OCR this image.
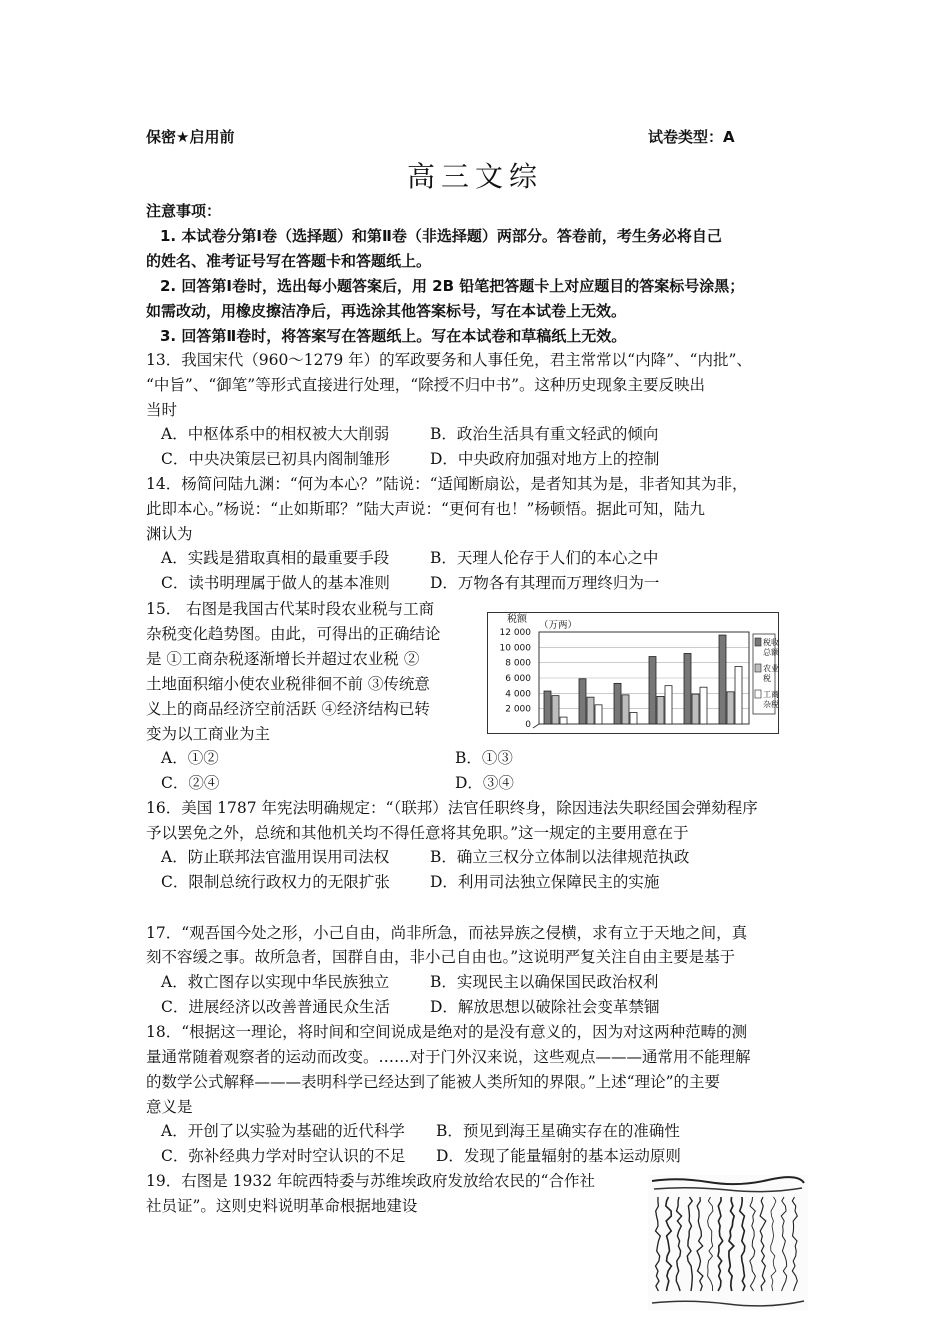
保密★启用前	试卷类型：A
高三文综
注意事项：
1. 本试卷分第Ⅰ卷（选择题）和第Ⅱ卷（非选择题）两部分。答卷前，考生务必将自己
的姓名、准考证号写在答题卡和答题纸上。
2. 回答第Ⅰ卷时，选出每小题答案后，用 2B 铅笔把答题卡上对应题目的答案标号涂黑；
如需改动，用橡皮擦洁净后，再选涂其他答案标号，写在本试卷上无效。
3. 回答第Ⅱ卷时，将答案写在答题纸上。写在本试卷和草稿纸上无效。
13．我国宋代（960～1279 年）的军政要务和人事任免，君主常常以“内降”、“内批”、
“中旨”、“御笔”等形式直接进行处理，“除授不归中书”。这种历史现象主要反映出
当时
A．中枢体系中的相权被大大削弱	B．政治生活具有重文轻武的倾向
C．中央决策层已初具内阁制雏形	D．中央政府加强对地方上的控制
14．杨简问陆九渊：“何为本心？”陆说：“适闻断扇讼，是者知其为是，非者知其为非，
此即本心。”杨说：“止如斯耶？”陆大声说：“更何有也！”杨顿悟。据此可知，陆九
渊认为
A．实践是猎取真相的最重要手段	B．天理人伦存于人们的本心之中
C．读书明理属于做人的基本准则	D．万物各有其理而万理终归为一
15． 右图是我国古代某时段农业税与工商
杂税变化趋势图。由此，可得出的正确结论
是 ①工商杂税逐渐增长并超过农业税 ②
土地面积缩小使农业税徘徊不前 ③传统意
义上的商品经济空前活跃 ④经济结构已转
变为以工商业为主
A．①②	B．①③
C．②④	D．③④
税额
（万两）
12 000
10 000
8 000
6 000
4 000
2 000
0
税收
总额
农业
税
工商
杂税
16．美国 1787 年宪法明确规定：“（联邦）法官任职终身，除因违法失职经国会弹劾程序
予以罢免之外，总统和其他机关均不得任意将其免职。”这一规定的主要用意在于
A．防止联邦法官滥用误用司法权	B．确立三权分立体制以法律规范执政
C．限制总统行政权力的无限扩张	D．利用司法独立保障民主的实施
17．“观吾国今处之形，小己自由，尚非所急，而祛异族之侵横，求有立于天地之间，真
刻不容缓之事。故所急者，国群自由，非小己自由也。”这说明严复关注自由主要是基于
A．救亡图存以实现中华民族独立	B．实现民主以确保国民政治权利
C．进展经济以改善普通民众生活	D．解放思想以破除社会变革禁锢
18．“根据这一理论，将时间和空间说成是绝对的是没有意义的，因为对这两种范畴的测
量通常随着观察者的运动而改变。……对于门外汉来说，这些观点———通常用不能理解
的数学公式解释———表明科学已经达到了能被人类所知的界限。”上述“理论”的主要
意义是
A．开创了以实验为基础的近代科学 B．预见到海王星确实存在的准确性
C．弥补经典力学对时空认识的不足 D．发现了能量辐射的基本运动原则
19．右图是 1932 年皖西特委与苏维埃政府发放给农民的“合作社
社员证”。这则史料说明革命根据地建设
